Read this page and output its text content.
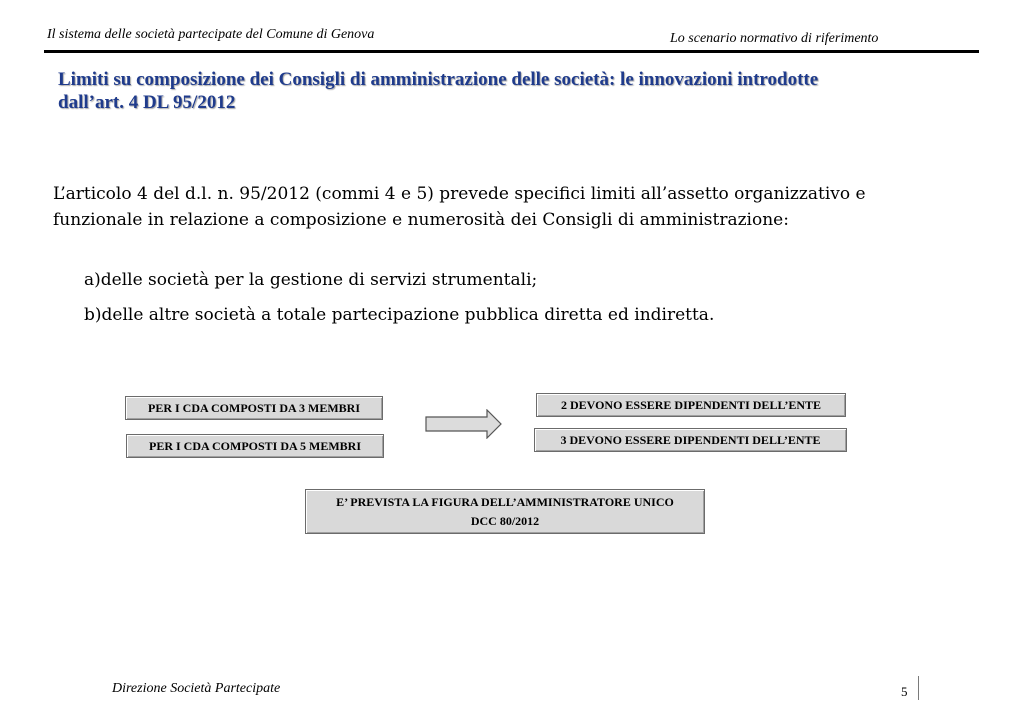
Il sistema delle società partecipate del Comune di Genova	Lo scenario normativo di riferimento
Limiti su composizione dei Consigli di amministrazione delle società: le innovazioni introdotte
dall’art. 4 DL 95/2012
L’articolo 4 del d.l. n. 95/2012 (commi 4 e 5) prevede specifici limiti all’assetto organizzativo e
funzionale in relazione a composizione e numerosità dei Consigli di amministrazione:
a)delle società per la gestione di servizi strumentali;
b)delle altre società a totale partecipazione pubblica diretta ed indiretta.
PER I CDA COMPOSTI DA 3 MEMBRI
PER I CDA COMPOSTI DA 5 MEMBRI
2 DEVONO ESSERE DIPENDENTI DELL’ENTE
3 DEVONO ESSERE DIPENDENTI DELL’ENTE
E’ PREVISTA LA FIGURA DELL’AMMINISTRATORE UNICO
DCC 80/2012
Direzione Società Partecipate	5
